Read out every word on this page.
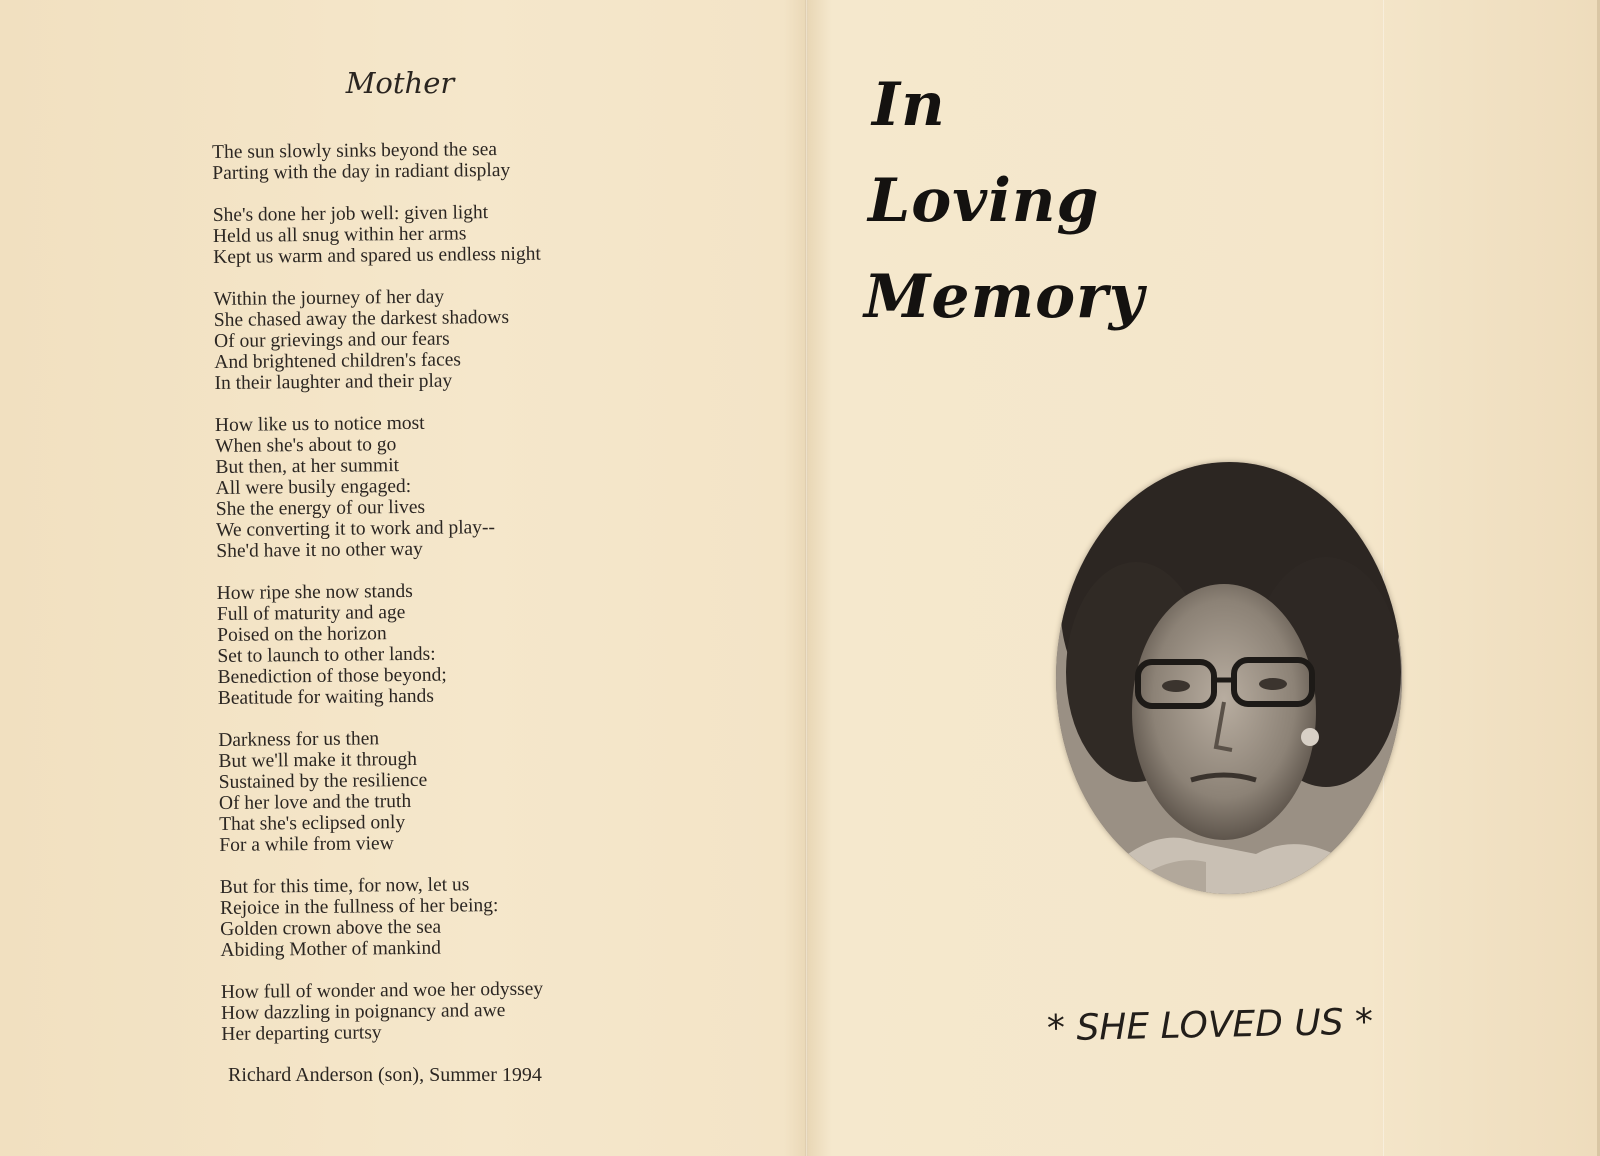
Mother
The sun slowly sinks beyond the sea
Parting with the day in radiant display
She's done her job well: given light
Held us all snug within her arms
Kept us warm and spared us endless night
Within the journey of her day
She chased away the darkest shadows
Of our grievings and our fears
And brightened children's faces
In their laughter and their play
How like us to notice most
When she's about to go
But then, at her summit
All were busily engaged:
She the energy of our lives
We converting it to work and play--
She'd have it no other way
How ripe she now stands
Full of maturity and age
Poised on the horizon
Set to launch to other lands:
Benediction of those beyond;
Beatitude for waiting hands
Darkness for us then
But we'll make it through
Sustained by the resilience
Of her love and the truth
That she's eclipsed only
For a while from view
But for this time, for now, let us
Rejoice in the fullness of her being:
Golden crown above the sea
Abiding Mother of mankind
How full of wonder and woe her odyssey
How dazzling in poignancy and awe
Her departing curtsy
Richard Anderson (son), Summer 1994
In
Loving
Memory
* SHE LOVED US *
